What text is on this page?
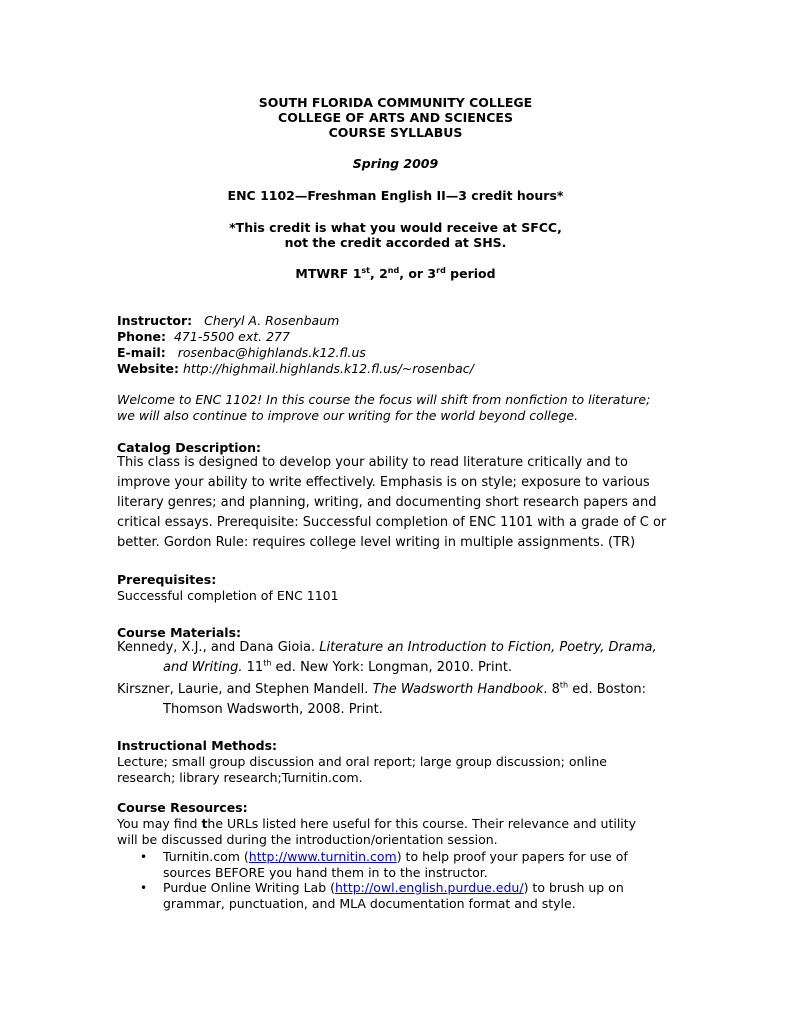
SOUTH FLORIDA COMMUNITY COLLEGE

COLLEGE OF ARTS AND SCIENCES

COURSE SYLLABUS

Spring 2009

ENC 1102—Freshman English II—3 credit hours*

*This credit is what you would receive at SFCC,

not the credit accorded at SHS.

MTWRF 1st, 2nd, or 3rd period

Instructor: Cheryl A. Rosenbaum

Phone: 471-5500 ext. 277

E-mail: rosenbac@highlands.k12.fl.us

Website: http://highmail.highlands.k12.fl.us/~rosenbac/

Welcome to ENC 1102! In this course the focus will shift from nonfiction to literature;

we will also continue to improve our writing for the world beyond college.

Catalog Description:

This class is designed to develop your ability to read literature critically and to

improve your ability to write effectively. Emphasis is on style; exposure to various

literary genres; and planning, writing, and documenting short research papers and

critical essays. Prerequisite: Successful completion of ENC 1101 with a grade of C or

better. Gordon Rule: requires college level writing in multiple assignments. (TR)

Prerequisites:

Successful completion of ENC 1101

Course Materials:

Kennedy, X.J., and Dana Gioia. Literature an Introduction to Fiction, Poetry, Drama,

and Writing. 11th ed. New York: Longman, 2010. Print.

Kirszner, Laurie, and Stephen Mandell. The Wadsworth Handbook. 8th ed. Boston:

Thomson Wadsworth, 2008. Print.

Instructional Methods:

Lecture; small group discussion and oral report; large group discussion; online

research; library research;Turnitin.com.

Course Resources:

You may find the URLs listed here useful for this course. Their relevance and utility

will be discussed during the introduction/orientation session.

• Turnitin.com (http://www.turnitin.com) to help proof your papers for use of

sources BEFORE you hand them in to the instructor.

• Purdue Online Writing Lab (http://owl.english.purdue.edu/) to brush up on

grammar, punctuation, and MLA documentation format and style.
